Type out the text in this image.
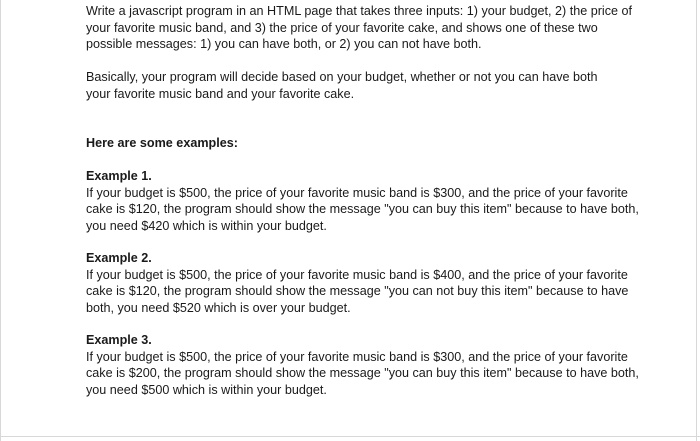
Write a javascript program in an HTML page that takes three inputs: 1) your budget, 2) the price of your favorite music band, and 3) the price of your favorite cake, and shows one of these two possible messages: 1) you can have both, or 2) you can not have both.

Basically, your program will decide based on your budget, whether or not you can have both your favorite music band and your favorite cake.

Here are some examples:

Example 1.

If your budget is $500, the price of your favorite music band is $300, and the price of your favorite cake is $120, the program should show the message "you can buy this item" because to have both, you need $420 which is within your budget.

Example 2.

If your budget is $500, the price of your favorite music band is $400, and the price of your favorite cake is $120, the program should show the message "you can not buy this item" because to have both, you need $520 which is over your budget.

Example 3.

If your budget is $500, the price of your favorite music band is $300, and the price of your favorite cake is $200, the program should show the message "you can buy this item" because to have both, you need $500 which is within your budget.
